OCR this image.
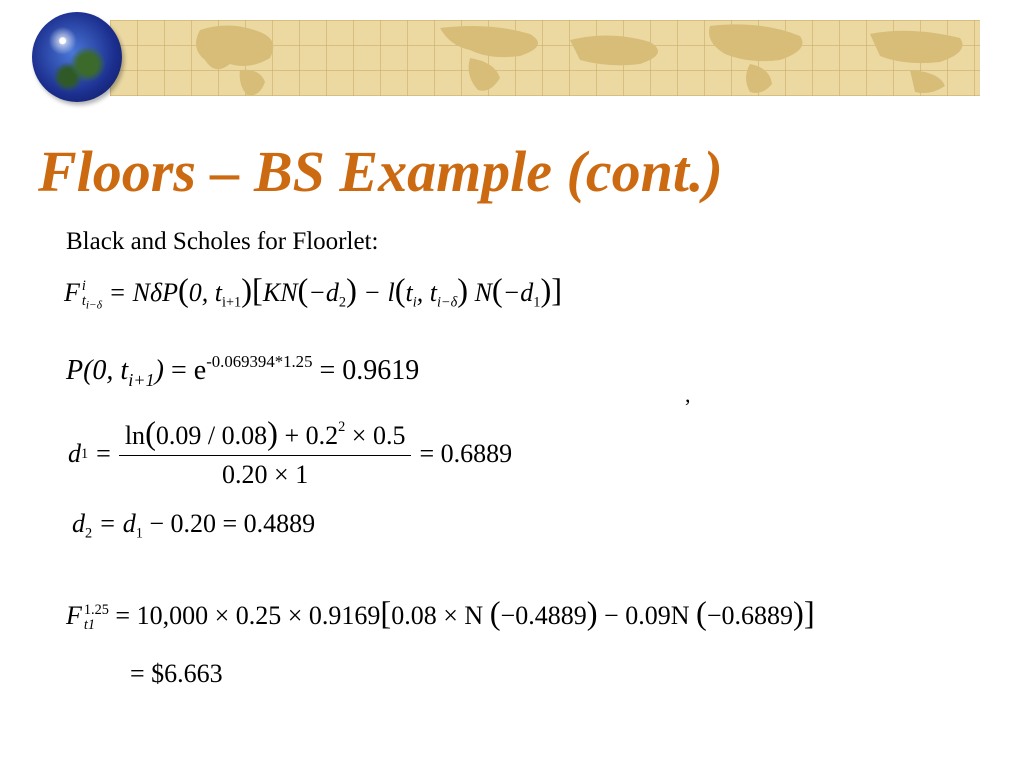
Floors – BS Example (cont.)
Black and Scholes for Floorlet:
F i
$t_{i-\delta} = N\delta P(0$, $t_{i+1})[KN(-d_2) - l(t_i$, $t_{i-\delta}$) $N(-d_1)$]
P(0, $t_{i+1}) = e^{-0.069394*1.25} = 0.9619$
,
d $1 = \frac{\ln(0.09 / 0.08) + 0.2^2 \times 0.5}{0.20 \times 1} = 0.6889$
$d_2 = d_1 - 0.20 = 0.4889$
F 1.25
t1 = 10,000 × 0.25 × 0.9169[0.08 × N (−0.4889) − 0.09N (−0.6889)]
= $6.663
